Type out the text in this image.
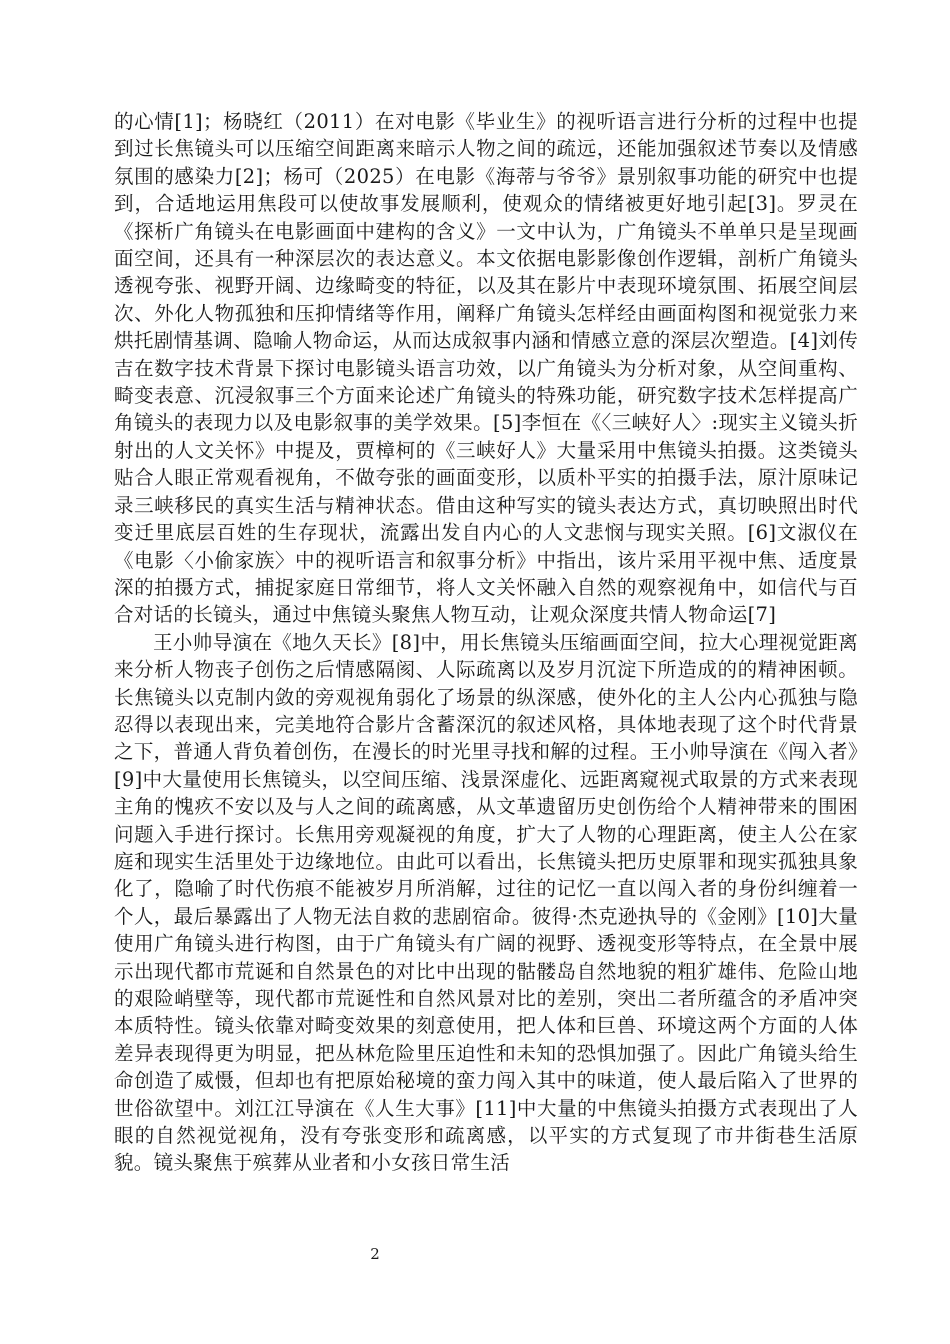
的心情[1]；杨晓红（2011）在对电影《毕业生》的视听语言进行分析的过程中也提到过长焦镜头可以压缩空间距离来暗示人物之间的疏远，还能加强叙述节奏以及情感氛围的感染力[2]；杨可（2025）在电影《海蒂与爷爷》景别叙事功能的研究中也提到，合适地运用焦段可以使故事发展顺利，使观众的情绪被更好地引起[3]。罗灵在《探析广角镜头在电影画面中建构的含义》一文中认为，广角镜头不单单只是呈现画面空间，还具有一种深层次的表达意义。本文依据电影影像创作逻辑，剖析广角镜头透视夸张、视野开阔、边缘畸变的特征，以及其在影片中表现环境氛围、拓展空间层次、外化人物孤独和压抑情绪等作用，阐释广角镜头怎样经由画面构图和视觉张力来烘托剧情基调、隐喻人物命运，从而达成叙事内涵和情感立意的深层次塑造。[4]刘传吉在数字技术背景下探讨电影镜头语言功效，以广角镜头为分析对象，从空间重构、畸变表意、沉浸叙事三个方面来论述广角镜头的特殊功能，研究数字技术怎样提高广角镜头的表现力以及电影叙事的美学效果。[5]李恒在《〈三峡好人〉:现实主义镜头折射出的人文关怀》中提及，贾樟柯的《三峡好人》大量采用中焦镜头拍摄。这类镜头贴合人眼正常观看视角，不做夸张的画面变形，以质朴平实的拍摄手法，原汁原味记录三峡移民的真实生活与精神状态。借由这种写实的镜头表达方式，真切映照出时代变迁里底层百姓的生存现状，流露出发自内心的人文悲悯与现实关照。[6]文淑仪在《电影〈小偷家族〉中的视听语言和叙事分析》中指出，该片采用平视中焦、适度景深的拍摄方式，捕捉家庭日常细节，将人文关怀融入自然的观察视角中，如信代与百合对话的长镜头，通过中焦镜头聚焦人物互动，让观众深度共情人物命运[7]

王小帅导演在《地久天长》[8]中，用长焦镜头压缩画面空间，拉大心理视觉距离来分析人物丧子创伤之后情感隔阂、人际疏离以及岁月沉淀下所造成的的精神困顿。长焦镜头以克制内敛的旁观视角弱化了场景的纵深感，使外化的主人公内心孤独与隐忍得以表现出来，完美地符合影片含蓄深沉的叙述风格，具体地表现了这个时代背景之下，普通人背负着创伤，在漫长的时光里寻找和解的过程。王小帅导演在《闯入者》[9]中大量使用长焦镜头，以空间压缩、浅景深虚化、远距离窥视式取景的方式来表现主角的愧疚不安以及与人之间的疏离感，从文革遗留历史创伤给个人精神带来的围困问题入手进行探讨。长焦用旁观凝视的角度，扩大了人物的心理距离，使主人公在家庭和现实生活里处于边缘地位。由此可以看出，长焦镜头把历史原罪和现实孤独具象化了，隐喻了时代伤痕不能被岁月所消解，过往的记忆一直以闯入者的身份纠缠着一个人，最后暴露出了人物无法自救的悲剧宿命。彼得·杰克逊执导的《金刚》[10]大量使用广角镜头进行构图，由于广角镜头有广阔的视野、透视变形等特点，在全景中展示出现代都市荒诞和自然景色的对比中出现的骷髅岛自然地貌的粗犷雄伟、危险山地的艰险峭壁等，现代都市荒诞性和自然风景对比的差别，突出二者所蕴含的矛盾冲突本质特性。镜头依靠对畸变效果的刻意使用，把人体和巨兽、环境这两个方面的人体差异表现得更为明显，把丛林危险里压迫性和未知的恐惧加强了。因此广角镜头给生命创造了威慑，但却也有把原始秘境的蛮力闯入其中的味道，使人最后陷入了世界的世俗欲望中。刘江江导演在《人生大事》[11]中大量的中焦镜头拍摄方式表现出了人眼的自然视觉视角，没有夸张变形和疏离感，以平实的方式复现了市井街巷生活原貌。镜头聚焦于殡葬从业者和小女孩日常生活

2
